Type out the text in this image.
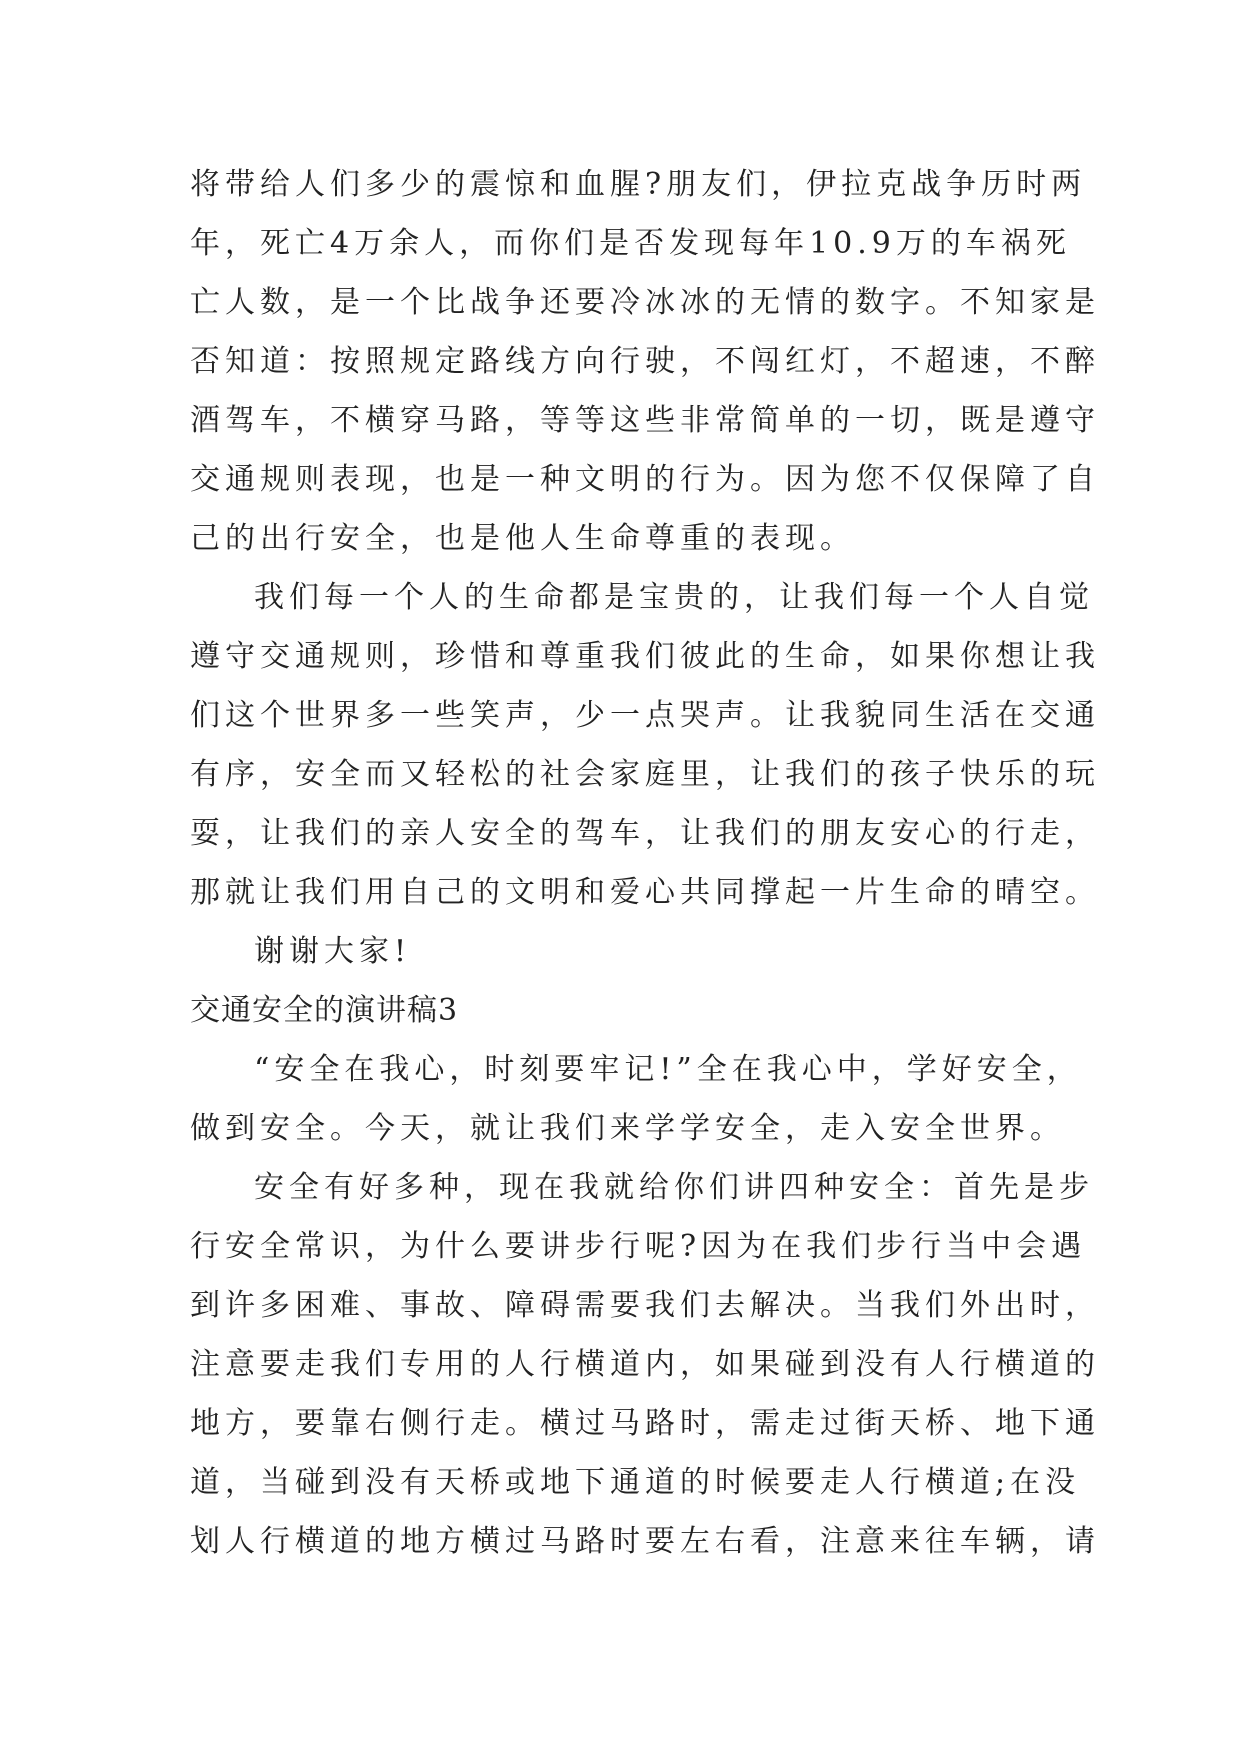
将带给人们多少的震惊和血腥?朋友们，伊拉克战争历时两
年，死亡4万余人，而你们是否发现每年10.9万的车祸死
亡人数，是一个比战争还要冷冰冰的无情的数字。不知家是
否知道：按照规定路线方向行驶，不闯红灯，不超速，不醉
酒驾车，不横穿马路，等等这些非常简单的一切，既是遵守
交通规则表现，也是一种文明的行为。因为您不仅保障了自
己的出行安全，也是他人生命尊重的表现。
我们每一个人的生命都是宝贵的，让我们每一个人自觉
遵守交通规则，珍惜和尊重我们彼此的生命，如果你想让我
们这个世界多一些笑声，少一点哭声。让我貌同生活在交通
有序，安全而又轻松的社会家庭里，让我们的孩子快乐的玩
耍，让我们的亲人安全的驾车，让我们的朋友安心的行走，
那就让我们用自己的文明和爱心共同撑起一片生命的晴空。
谢谢大家!
交通安全的演讲稿3
“安全在我心，时刻要牢记!”全在我心中，学好安全，
做到安全。今天，就让我们来学学安全，走入安全世界。
安全有好多种，现在我就给你们讲四种安全：首先是步
行安全常识，为什么要讲步行呢?因为在我们步行当中会遇
到许多困难、事故、障碍需要我们去解决。当我们外出时，
注意要走我们专用的人行横道内，如果碰到没有人行横道的
地方，要靠右侧行走。横过马路时，需走过街天桥、地下通
道，当碰到没有天桥或地下通道的时候要走人行横道;在没
划人行横道的地方横过马路时要左右看，注意来往车辆，请
